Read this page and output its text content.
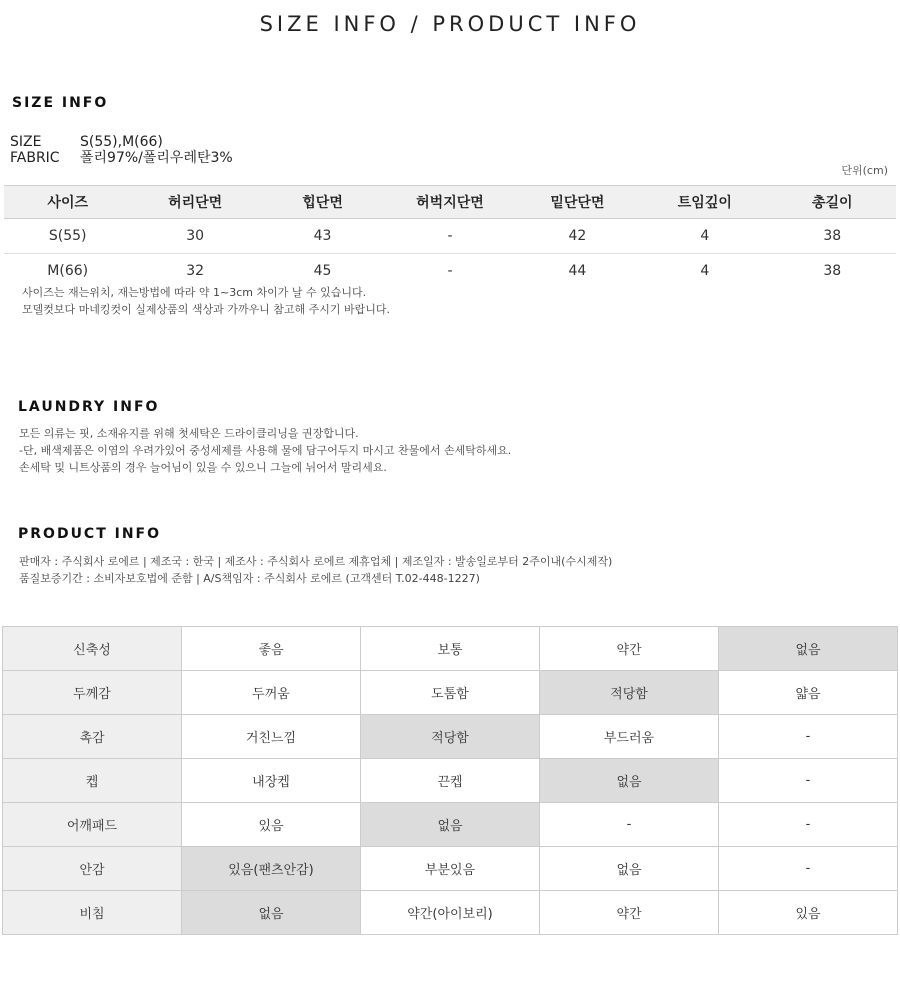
SIZE INFO / PRODUCT INFO
SIZE INFO
SIZE	S(55),M(66)
FABRIC 폴리97%/폴리우레탄3%
단위(cm)
사이즈	허리단면	힙단면	허벅지단면	밑단단면	트임깊이	총길이
S(55)	30	43	-	42	4	38
M(66)	32	45	-	44	4	38
사이즈는 재는위치, 재는방법에 따라 약 1~3cm 차이가 날 수 있습니다.
모델컷보다 마네킹컷이 실제상품의 색상과 가까우니 참고해 주시기 바랍니다.
LAUNDRY INFO
모든 의류는 핏, 소재유지를 위해 첫세탁은 드라이클리닝을 권장합니다.
-단, 배색제품은 이염의 우려가있어 중성세제를 사용해 물에 담구어두지 마시고 찬물에서 손세탁하세요.
손세탁 및 니트상품의 경우 늘어님이 있을 수 있으니 그늘에 뉘어서 말리세요.
PRODUCT INFO
판매자 : 주식회사 로에르 | 제조국 : 한국 | 제조사 : 주식회사 로에르 제휴업체 | 제조일자 : 발송일로부터 2주이내(수시제작)
품질보증기간 : 소비자보호법에 준함 | A/S책임자 : 주식회사 로에르 (고객센터 T.02-448-1227)
신축성	좋음	보통	약간	없음
두께감	두꺼움	도톰함	적당함	얇음
촉감	거친느낌	적당함	부드러움	-
켑	내장켑	끈켑	없음	-
어깨패드	있음	없음	-	-
안감	있음(팬츠안감)	부분있음	없음	-
비침	없음	약간(아이보리)	약간	있음
